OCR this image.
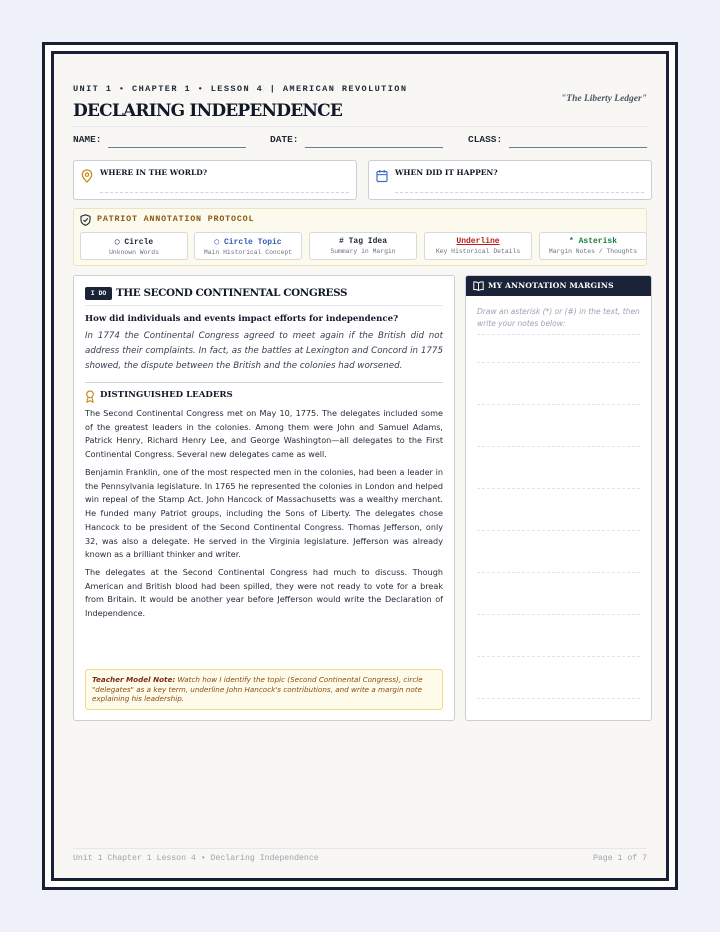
UNIT 1 • CHAPTER 1 • LESSON 4 | AMERICAN REVOLUTION
"The Liberty Ledger"
DECLARING INDEPENDENCE
NAME:	DATE:	CLASS:
WHERE IN THE WORLD?	WHEN DID IT HAPPEN?
PATRIOT ANNOTATION PROTOCOL
◯ Circle
Unknown Words
◯ Circle Topic
Main Historical Concept
# Tag Idea
Summary in Margin
Underline
Key Historical Details
* Asterisk
Margin Notes / Thoughts
I DO THE SECOND CONTINENTAL CONGRESS
How did individuals and events impact efforts for independence?
In 1774 the Continental Congress agreed to meet again if the British did not address their complaints. In fact, as the battles at Lexington and Concord in 1775 showed, the dispute between the British and the colonies had worsened.
DISTINGUISHED LEADERS
The Second Continental Congress met on May 10, 1775. The delegates included some of the greatest leaders in the colonies. Among them were John and Samuel Adams, Patrick Henry, Richard Henry Lee, and George Washington—all delegates to the First Continental Congress. Several new delegates came as well.
Benjamin Franklin, one of the most respected men in the colonies, had been a leader in the Pennsylvania legislature. In 1765 he represented the colonies in London and helped win repeal of the Stamp Act. John Hancock of Massachusetts was a wealthy merchant. He funded many Patriot groups, including the Sons of Liberty. The delegates chose Hancock to be president of the Second Continental Congress. Thomas Jefferson, only 32, was also a delegate. He served in the Virginia legislature. Jefferson was already known as a brilliant thinker and writer.
The delegates at the Second Continental Congress had much to discuss. Though American and British blood had been spilled, they were not ready to vote for a break from Britain. It would be another year before Jefferson would write the Declaration of Independence.
Teacher Model Note: Watch how I identify the topic (Second Continental Congress), circle "delegates" as a key term, underline John Hancock's contributions, and write a margin note explaining his leadership.
MY ANNOTATION MARGINS
Draw an asterisk (*) or (#) in the text, then write your notes below:
Unit 1 Chapter 1 Lesson 4 • Declaring Independence	Page 1 of 7
